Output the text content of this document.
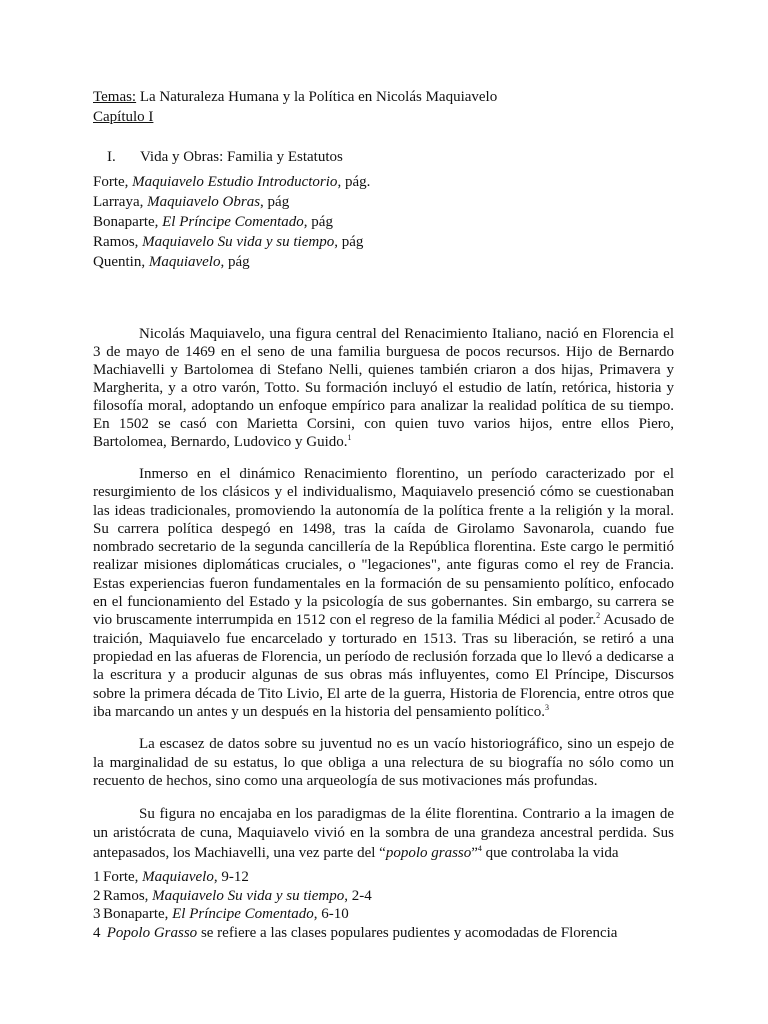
Temas: La Naturaleza Humana y la Política en Nicolás Maquiavelo
Capítulo I
I. Vida y Obras: Familia y Estatutos
Forte, Maquiavelo Estudio Introductorio, pág.
Larraya, Maquiavelo Obras, pág
Bonaparte, El Príncipe Comentado, pág
Ramos, Maquiavelo Su vida y su tiempo, pág
Quentin, Maquiavelo, pág

Nicolás Maquiavelo, una figura central del Renacimiento Italiano, nació en Florencia el 3 de mayo de 1469 en el seno de una familia burguesa de pocos recursos. Hijo de Bernardo Machiavelli y Bartolomea di Stefano Nelli, quienes también criaron a dos hijas, Primavera y Margherita, y a otro varón, Totto. Su formación incluyó el estudio de latín, retórica, historia y filosofía moral, adoptando un enfoque empírico para analizar la realidad política de su tiempo. En 1502 se casó con Marietta Corsini, con quien tuvo varios hijos, entre ellos Piero, Bartolomea, Bernardo, Ludovico y Guido.$^1$

Inmerso en el dinámico Renacimiento florentino, un período caracterizado por el resurgimiento de los clásicos y el individualismo, Maquiavelo presenció cómo se cuestionaban las ideas tradicionales, promoviendo la autonomía de la política frente a la religión y la moral. Su carrera política despegó en 1498, tras la caída de Girolamo Savonarola, cuando fue nombrado secretario de la segunda cancillería de la República florentina. Este cargo le permitió realizar misiones diplomáticas cruciales, o "legaciones", ante figuras como el rey de Francia. Estas experiencias fueron fundamentales en la formación de su pensamiento político, enfocado en el funcionamiento del Estado y la psicología de sus gobernantes. Sin embargo, su carrera se vio bruscamente interrumpida en 1512 con el regreso de la familia Médici al poder.$^2$ Acusado de traición, Maquiavelo fue encarcelado y torturado en 1513. Tras su liberación, se retiró a una propiedad en las afueras de Florencia, un período de reclusión forzada que lo llevó a dedicarse a la escritura y a producir algunas de sus obras más influyentes, como El Príncipe, Discursos sobre la primera década de Tito Livio, El arte de la guerra, Historia de Florencia, entre otros que iba marcando un antes y un después en la historia del pensamiento político.$^3$

La escasez de datos sobre su juventud no es un vacío historiográfico, sino un espejo de la marginalidad de su estatus, lo que obliga a una relectura de su biografía no sólo como un recuento de hechos, sino como una arqueología de sus motivaciones más profundas.

Su figura no encajaba en los paradigmas de la élite florentina. Contrario a la imagen de un aristócrata de cuna, Maquiavelo vivió en la sombra de una grandeza ancestral perdida. Sus antepasados, los Machiavelli, una vez parte del “popolo grasso”$^4$ que controlaba la vida

1 Forte, Maquiavelo, 9-12
2 Ramos, Maquiavelo Su vida y su tiempo, 2-4
3 Bonaparte, El Príncipe Comentado, 6-10
4 Popolo Grasso se refiere a las clases populares pudientes y acomodadas de Florencia
